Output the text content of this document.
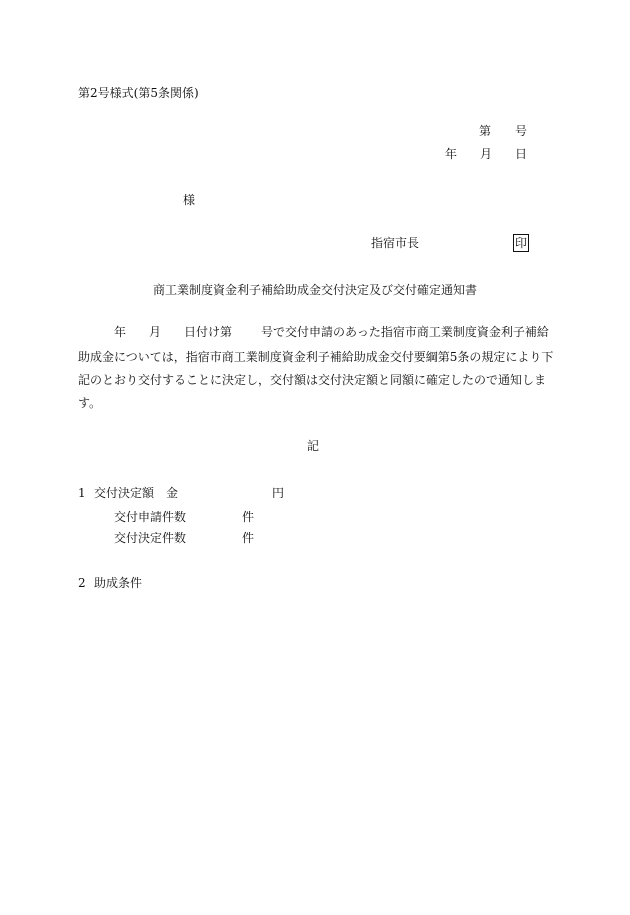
第2号様式(第5条関係)
第 号
年 月 日
様
指宿市長	印
商工業制度資金利子補給助成金交付決定及び交付確定通知書
年 月 日付け第 号で交付申請のあった指宿市商工業制度資金利子補給
助成金については，指宿市商工業制度資金利子補給助成金交付要綱第5条の規定により下
記のとおり交付することに決定し，交付額は交付決定額と同額に確定したので通知しま
す。
記
1 交付決定額 金	円
交付申請件数	件
交付決定件数	件
2 助成条件
